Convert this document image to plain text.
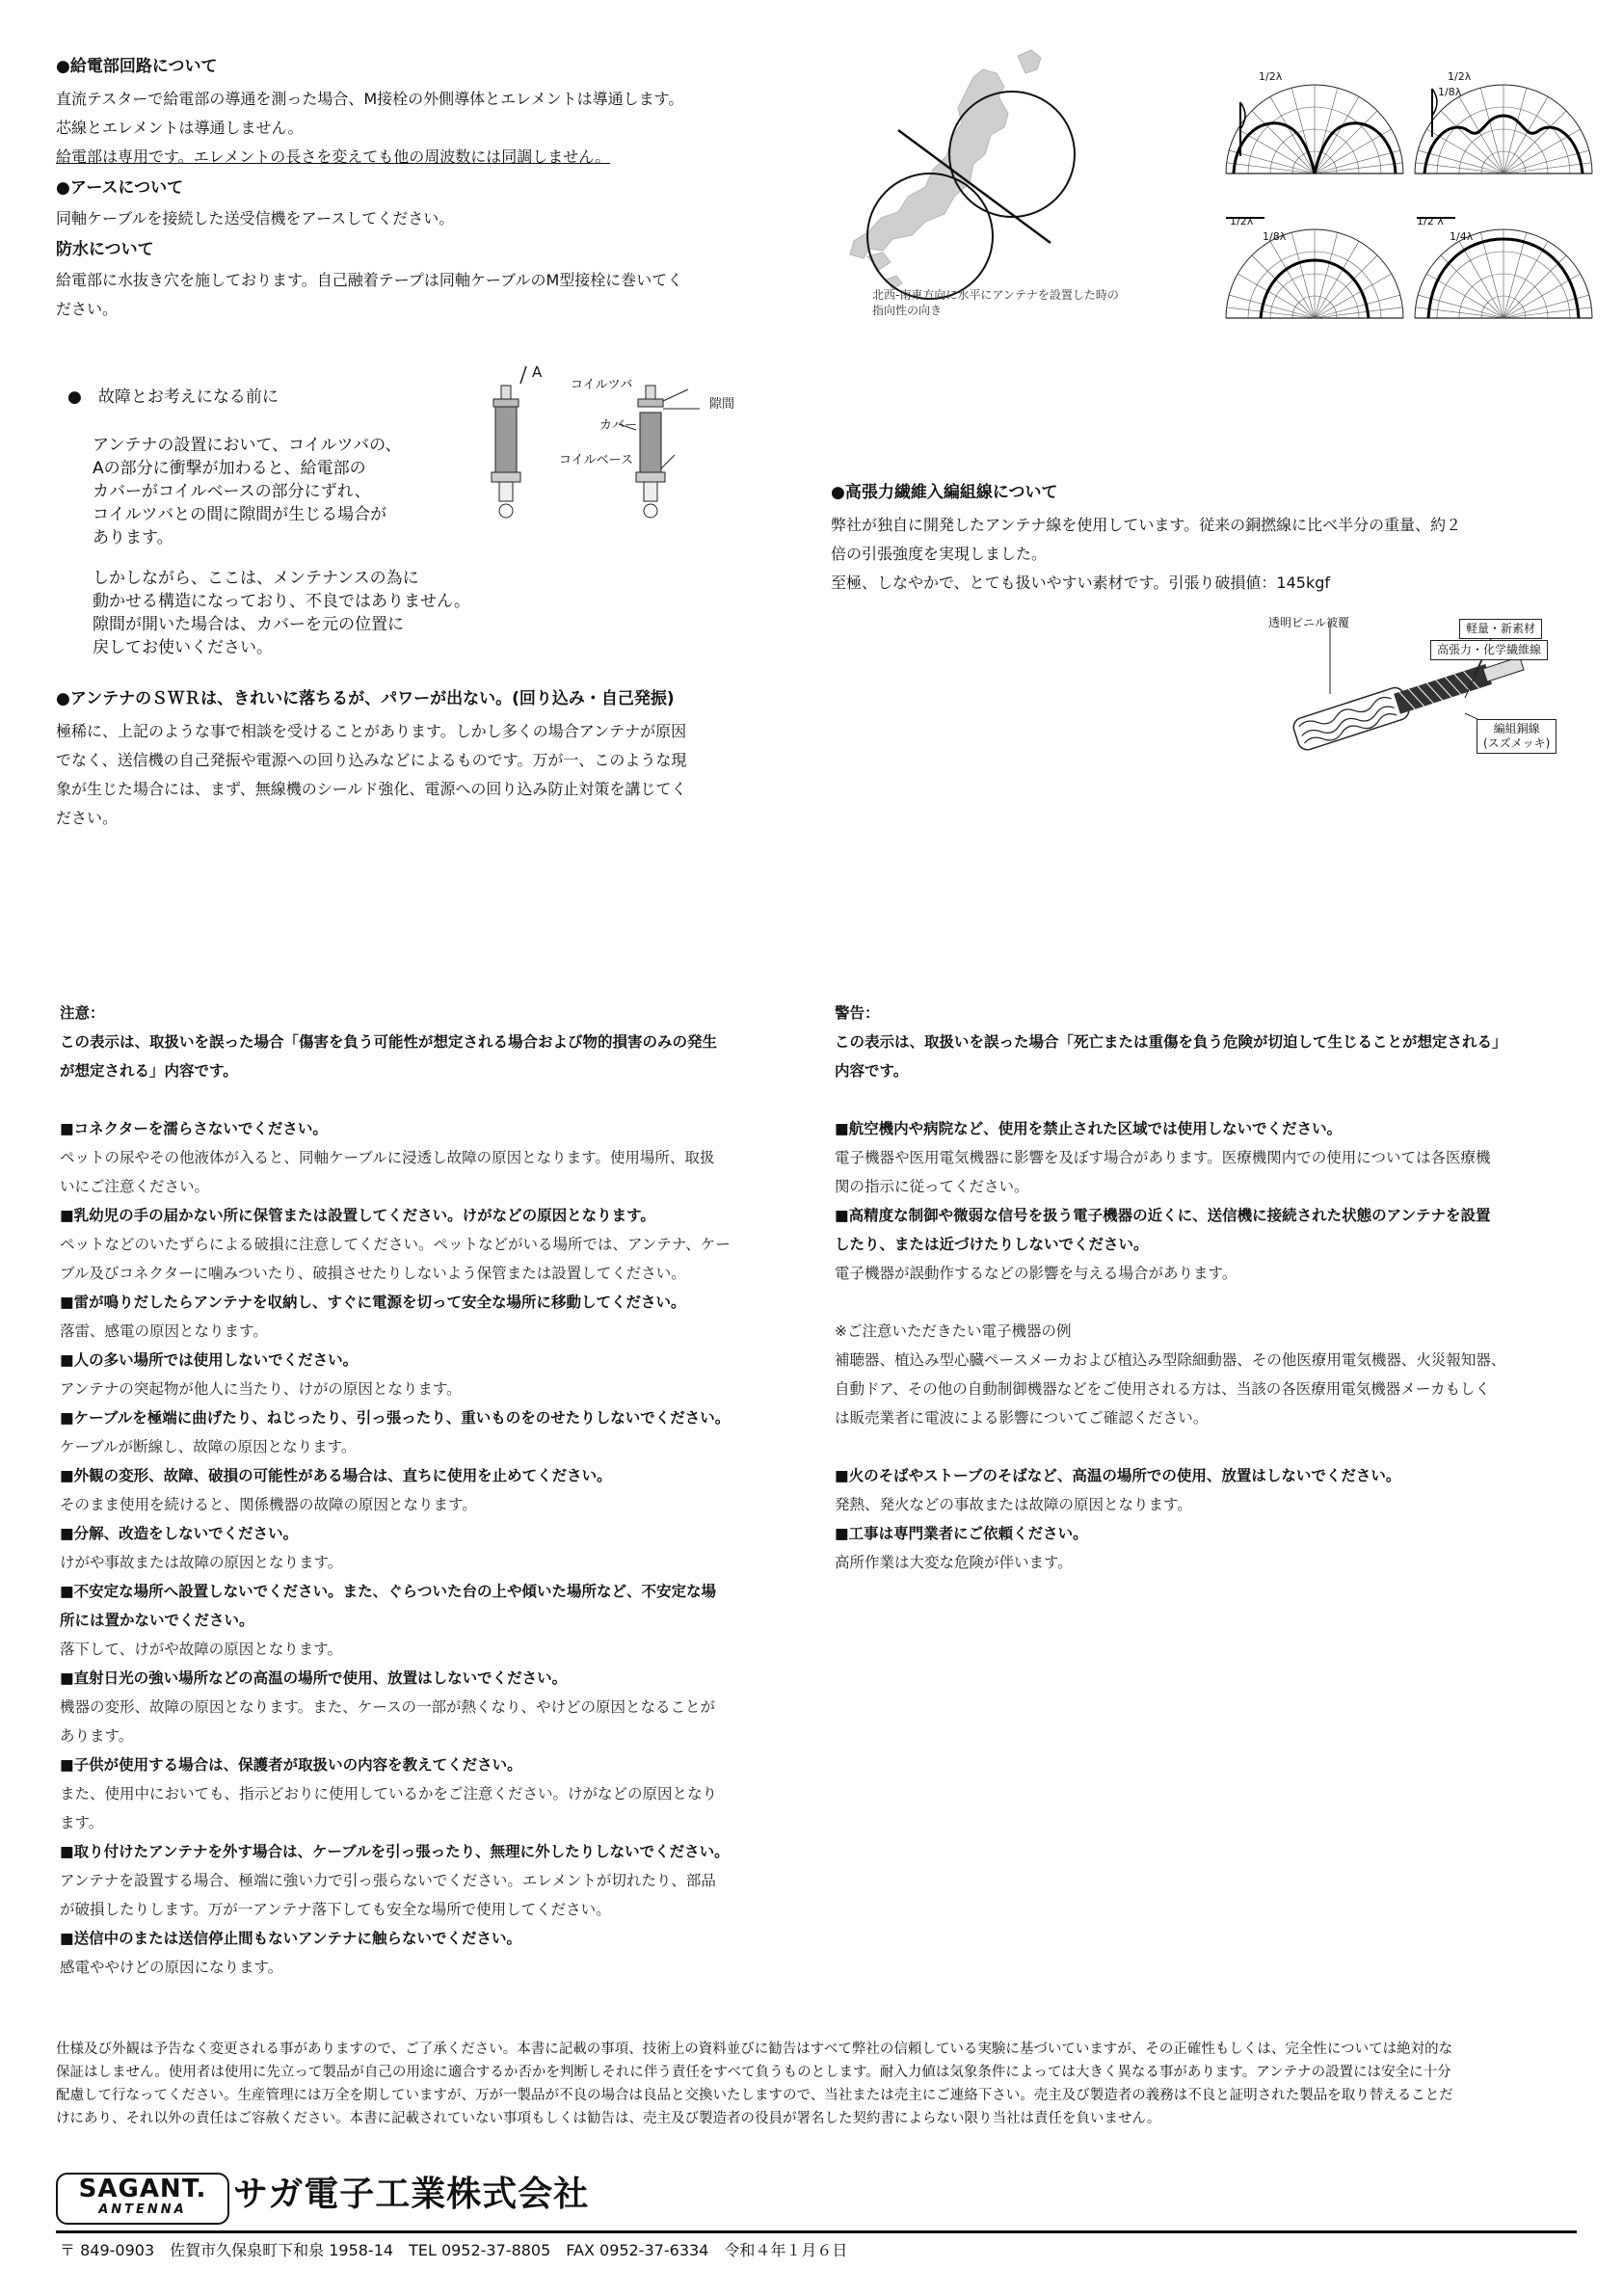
●給電部回路について

直流テスターで給電部の導通を測った場合、M接栓の外側導体とエレメントは導通します。

芯線とエレメントは導通しません。

給電部は専用です。エレメントの長さを変えても他の周波数には同調しません。

●アースについて

同軸ケーブルを接続した送受信機をアースしてください。

防水について

給電部に水抜き穴を施しております。自己融着テープは同軸ケーブルのM型接栓に巻いてく

ださい。

北西-南東方向に水平にアンテナを設置した時の
指向性の向き
1/2λ	1/2λ
1/8λ
1/2λ
1/8λ
1/2 λ
1/4λ
●　故障とお考えになる前に
アンテナの設置において、コイルツバの、
Aの部分に衝撃が加わると、給電部の
カバーがコイルベースの部分にずれ、
コイルツバとの間に隙間が生じる場合が
あります。
しかしながら、ここは、メンテナンスの為に
動かせる構造になっており、不良ではありません。
隙間が開いた場合は、カバーを元の位置に
戻してお使いください。
A
コイルツバ
隙間
カバー
コイルベース
●高張力繊維入編組線について

弊社が独自に開発したアンテナ線を使用しています。従来の銅撚線に比べ半分の重量、約２

倍の引張強度を実現しました。

至極、しなやかで、とても扱いやすい素材です。引張り破損値：145kgf

透明ビニル被覆	軽量・新素材
高張力・化学繊維線
編組銅線
(スズメッキ)
●アンテナのＳＷＲは、きれいに落ちるが、パワーが出ない。(回り込み・自己発振)

極稀に、上記のような事で相談を受けることがあります。しかし多くの場合アンテナが原因

でなく、送信機の自己発振や電源への回り込みなどによるものです。万が一、このような現

象が生じた場合には、まず、無線機のシールド強化、電源への回り込み防止対策を講じてく

ださい。

注意：
この表示は、取扱いを誤った場合「傷害を負う可能性が想定される場合および物的損害のみの発生
が想定される」内容です。
■コネクターを濡らさないでください。
ペットの尿やその他液体が入ると、同軸ケーブルに浸透し故障の原因となります。使用場所、取扱
いにご注意ください。
■乳幼児の手の届かない所に保管または設置してください。けがなどの原因となります。
ペットなどのいたずらによる破損に注意してください。ペットなどがいる場所では、アンテナ、ケー
ブル及びコネクターに噛みついたり、破損させたりしないよう保管または設置してください。
■雷が鳴りだしたらアンテナを収納し、すぐに電源を切って安全な場所に移動してください。
落雷、感電の原因となります。
■人の多い場所では使用しないでください。
アンテナの突起物が他人に当たり、けがの原因となります。
■ケーブルを極端に曲げたり、ねじったり、引っ張ったり、重いものをのせたりしないでください。
ケーブルが断線し、故障の原因となります。
■外観の変形、故障、破損の可能性がある場合は、直ちに使用を止めてください。
そのまま使用を続けると、関係機器の故障の原因となります。
■分解、改造をしないでください。
けがや事故または故障の原因となります。
■不安定な場所へ設置しないでください。また、ぐらついた台の上や傾いた場所など、不安定な場
所には置かないでください。
落下して、けがや故障の原因となります。
■直射日光の強い場所などの高温の場所で使用、放置はしないでください。
機器の変形、故障の原因となります。また、ケースの一部が熱くなり、やけどの原因となることが
あります。
■子供が使用する場合は、保護者が取扱いの内容を教えてください。
また、使用中においても、指示どおりに使用しているかをご注意ください。けがなどの原因となり
ます。
■取り付けたアンテナを外す場合は、ケーブルを引っ張ったり、無理に外したりしないでください。
アンテナを設置する場合、極端に強い力で引っ張らないでください。エレメントが切れたり、部品
が破損したりします。万が一アンテナ落下しても安全な場所で使用してください。
■送信中のまたは送信停止間もないアンテナに触らないでください。
感電ややけどの原因になります。
警告：
この表示は、取扱いを誤った場合「死亡または重傷を負う危険が切迫して生じることが想定される」
内容です。
■航空機内や病院など、使用を禁止された区域では使用しないでください。
電子機器や医用電気機器に影響を及ぼす場合があります。医療機関内での使用については各医療機
関の指示に従ってください。
■高精度な制御や微弱な信号を扱う電子機器の近くに、送信機に接続された状態のアンテナを設置
したり、または近づけたりしないでください。
電子機器が誤動作するなどの影響を与える場合があります。
※ご注意いただきたい電子機器の例
補聴器、植込み型心臓ペースメーカおよび植込み型除細動器、その他医療用電気機器、火災報知器、
自動ドア、その他の自動制御機器などをご使用される方は、当該の各医療用電気機器メーカもしく
は販売業者に電波による影響についてご確認ください。
■火のそばやストーブのそばなど、高温の場所での使用、放置はしないでください。
発熱、発火などの事故または故障の原因となります。
■工事は専門業者にご依頼ください。
高所作業は大変な危険が伴います。
仕様及び外観は予告なく変更される事がありますので、ご了承ください。本書に記載の事項、技術上の資料並びに勧告はすべて弊社の信頼している実験に基づいていますが、その正確性もしくは、完全性については絶対的な
保証はしません。使用者は使用に先立って製品が自己の用途に適合するか否かを判断しそれに伴う責任をすべて負うものとします。耐入力値は気象条件によっては大きく異なる事があります。アンテナの設置には安全に十分
配慮して行なってください。生産管理には万全を期していますが、万が一製品が不良の場合は良品と交換いたしますので、当社または売主にご連絡下さい。売主及び製造者の義務は不良と証明された製品を取り替えることだ
けにあり、それ以外の責任はご容赦ください。本書に記載されていない事項もしくは勧告は、売主及び製造者の役員が署名した契約書によらない限り当社は責任を負いません。
SAGANT.
ANTENNA	サガ電子工業株式会社
〒 849-0903　佐賀市久保泉町下和泉 1958-14　TEL 0952-37-8805　FAX 0952-37-6334　令和４年１月６日
